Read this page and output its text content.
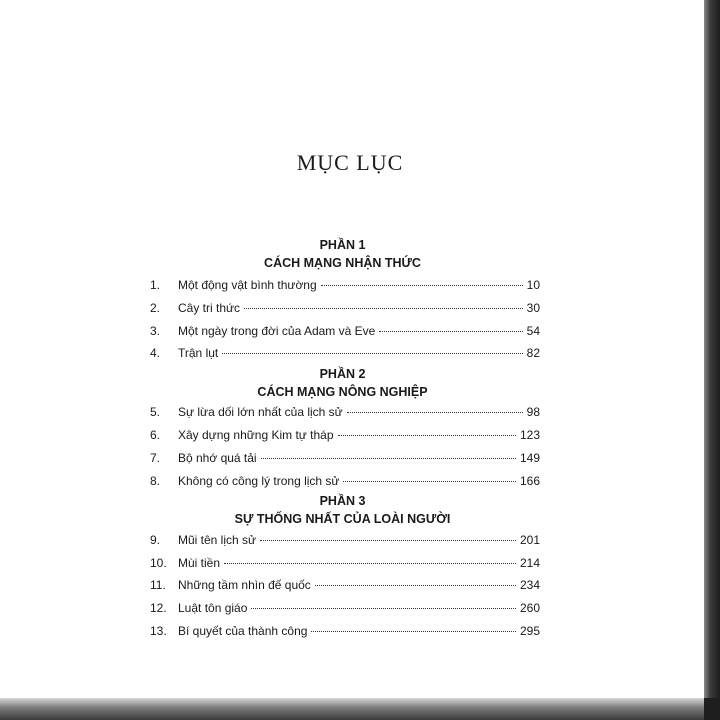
MỤC LỤC
PHẦN 1
CÁCH MẠNG NHẬN THỨC
1.	Một động vật bình thường	10
2.	Cây tri thức	30
3.	Một ngày trong đời của Adam và Eve	54
4.	Trận lụt	82
PHẦN 2
CÁCH MẠNG NÔNG NGHIỆP
5.	Sự lừa dối lớn nhất của lịch sử	98
6.	Xây dựng những Kim tự tháp	123
7.	Bộ nhớ quá tải	149
8.	Không có công lý trong lịch sử	166
PHẦN 3
SỰ THỐNG NHẤT CỦA LOÀI NGƯỜI
9.	Mũi tên lịch sử	201
10. Mùi tiền	214
11.	Những tầm nhìn đế quốc	234
12. Luật tôn giáo	260
13. Bí quyết của thành công	295
